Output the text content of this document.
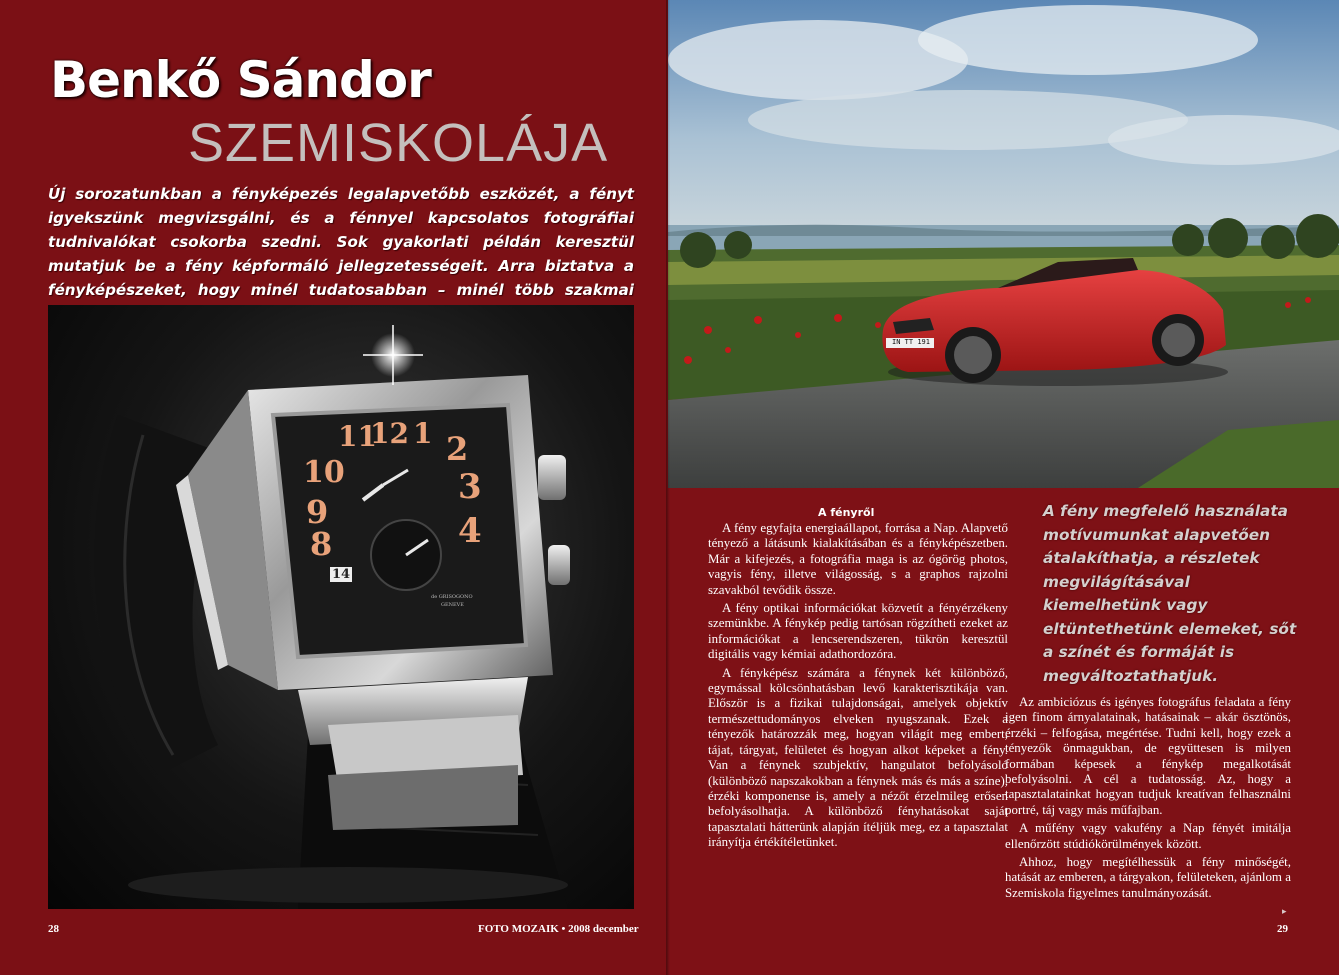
Benkő Sándor
SZEMISKOLÁJA
Új sorozatunkban a fényképezés legalapvetőbb eszközét, a fényt igyekszünk megvizsgálni, és a fénnyel kapcsolatos fotográfiai tudnivalókat csokorba szedni. Sok gyakorlati példán keresztül mutatjuk be a fény képformáló jellegzetességeit. Arra biztatva a fényképészeket, hogy minél tudatosabban – minél több szakmai
11
12 1
10
2
9
3
8	4
14
de GRISOGONO
GENEVE
IN TT 191
A fényről

A fény egyfajta energiaállapot, forrása a Nap. Alapvető tényező a látásunk kialakításában és a fényképészetben. Már a kifejezés, a fotográfia maga is az ógörög photos, vagyis fény, illetve világosság, s a graphos rajzolni szavakból tevődik össze.

A fény optikai információkat közvetít a fényérzékeny szemünkbe. A fénykép pedig tartósan rögzítheti ezeket az információkat a lencserendszeren, tükrön keresztül digitális vagy kémiai adathordozóra.

A fényképész számára a fénynek két különböző, egymással kölcsönhatásban levő karakterisztikája van. Először is a fizikai tulajdonságai, amelyek objektív természettudományos elveken nyugszanak. Ezek a tényezők határozzák meg, hogyan világít meg embert, tájat, tárgyat, felületet és hogyan alkot képeket a fény. Van a fénynek szubjektív, hangulatot befolyásoló (különböző napszakokban a fénynek más és más a színe), érzéki komponense is, amely a nézőt érzelmileg erősen befolyásolhatja. A különböző fényhatásokat saját tapasztalati hátterünk alapján ítéljük meg, ez a tapasztalat irányítja értékítéletünket.

A fény megfelelő használata motívumunkat alapvetően átalakíthatja, a részletek megvilágításával kiemelhetünk vagy eltüntethetünk elemeket, sőt a színét és formáját is megváltoztathatjuk.

Az ambiciózus és igényes fotográfus feladata a fény igen finom árnyalatainak, hatásainak – akár ösztönös, érzéki – felfogása, megértése. Tudni kell, hogy ezek a tényezők önmagukban, de együttesen is milyen formában képesek a fénykép megalkotását befolyásolni. A cél a tudatosság. Az, hogy a tapasztalatainkat hogyan tudjuk kreatívan felhasználni portré, táj vagy más műfajban.

A műfény vagy vakufény a Nap fényét imitálja ellenőrzött stúdiókörülmények között.

Ahhoz, hogy megítélhessük a fény minőségét, hatását az emberen, a tárgyakon, felületeken, ajánlom a Szemiskola figyelmes tanulmányozását.

▸
28	FOTO MOZAIK • 2008 december	29
